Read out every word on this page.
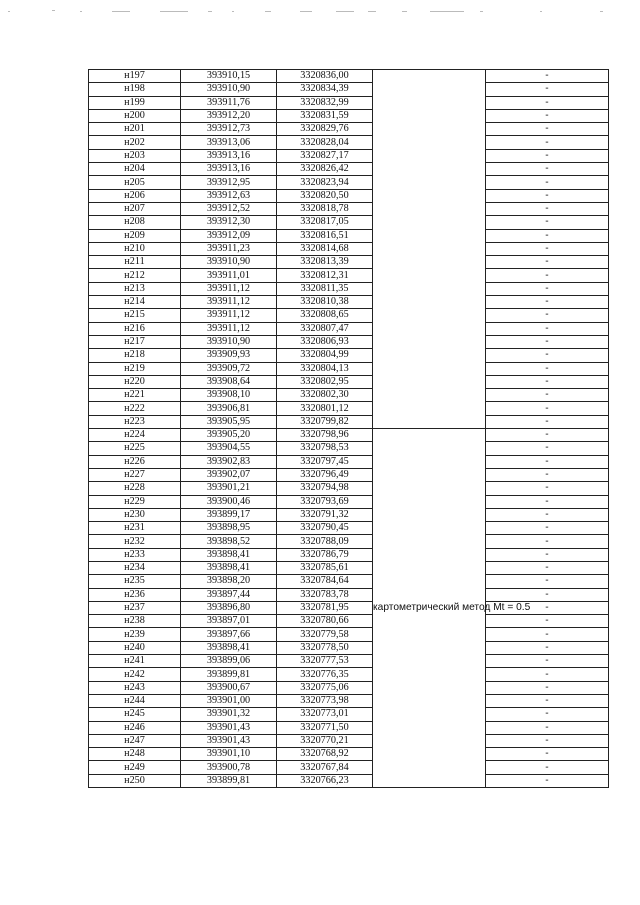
н197	393910,15	3320836,00		-
н198	393910,90	3320834,39		-
н199	393911,76	3320832,99		-
н200	393912,20	3320831,59		-
н201	393912,73	3320829,76		-
н202	393913,06	3320828,04		-
н203	393913,16	3320827,17		-
н204	393913,16	3320826,42		-
н205	393912,95	3320823,94		-
н206	393912,63	3320820,50		-
н207	393912,52	3320818,78		-
н208	393912,30	3320817,05		-
н209	393912,09	3320816,51		-
н210	393911,23	3320814,68		-
н211	393910,90	3320813,39		-
н212	393911,01	3320812,31		-
н213	393911,12	3320811,35		-
н214	393911,12	3320810,38		-
н215	393911,12	3320808,65		-
н216	393911,12	3320807,47		-
н217	393910,90	3320806,93		-
н218	393909,93	3320804,99		-
н219	393909,72	3320804,13		-
н220	393908,64	3320802,95		-
н221	393908,10	3320802,30		-
н222	393906,81	3320801,12		-
н223	393905,95	3320799,82		-
н224	393905,20	3320798,96	картометрический метод Mt = 0.5	-
н225	393904,55	3320798,53		-
н226	393902,83	3320797,45		-
н227	393902,07	3320796,49		-
н228	393901,21	3320794,98		-
н229	393900,46	3320793,69		-
н230	393899,17	3320791,32		-
н231	393898,95	3320790,45		-
н232	393898,52	3320788,09		-
н233	393898,41	3320786,79		-
н234	393898,41	3320785,61		-
н235	393898,20	3320784,64		-
н236	393897,44	3320783,78		-
н237	393896,80	3320781,95		-
н238	393897,01	3320780,66		-
н239	393897,66	3320779,58		-
н240	393898,41	3320778,50		-
н241	393899,06	3320777,53		-
н242	393899,81	3320776,35		-
н243	393900,67	3320775,06		-
н244	393901,00	3320773,98		-
н245	393901,32	3320773,01		-
н246	393901,43	3320771,50		-
н247	393901,43	3320770,21		-
н248	393901,10	3320768,92		-
н249	393900,78	3320767,84		-
н250	393899,81	3320766,23		-
